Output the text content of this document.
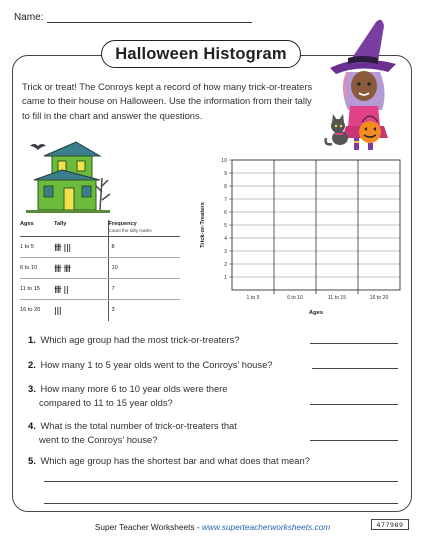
Name:
Halloween Histogram
Trick or treat! The Conroys kept a record of how many trick-or-treaters came to their house on Halloween. Use the information from their tally to fill in the chart and answer the questions.
Ages	Tally	Frequency
Count the tally marks

1 to 5	卌 |||	8
6 to 10	卌 卌	10
11 to 15	卌 ||	7
16 to 20	|||	3
1
2
3
4
5
6
7
8
9
10
1 to 5	6 to 10	11 to 15	16 to 20
Ages
Trick-or-Treaters
1. Which age group had the most trick-or-treaters?
2. How many 1 to 5 year olds went to the Conroys’ house?
3. How many more 6 to 10 year olds were there
compared to 11 to 15 year olds?
4. What is the total number of trick-or-treaters that
went to the Conroys’ house?
5. Which age group has the shortest bar and what does that mean?
Super Teacher Worksheets - www.superteacherworksheets.com	477989
